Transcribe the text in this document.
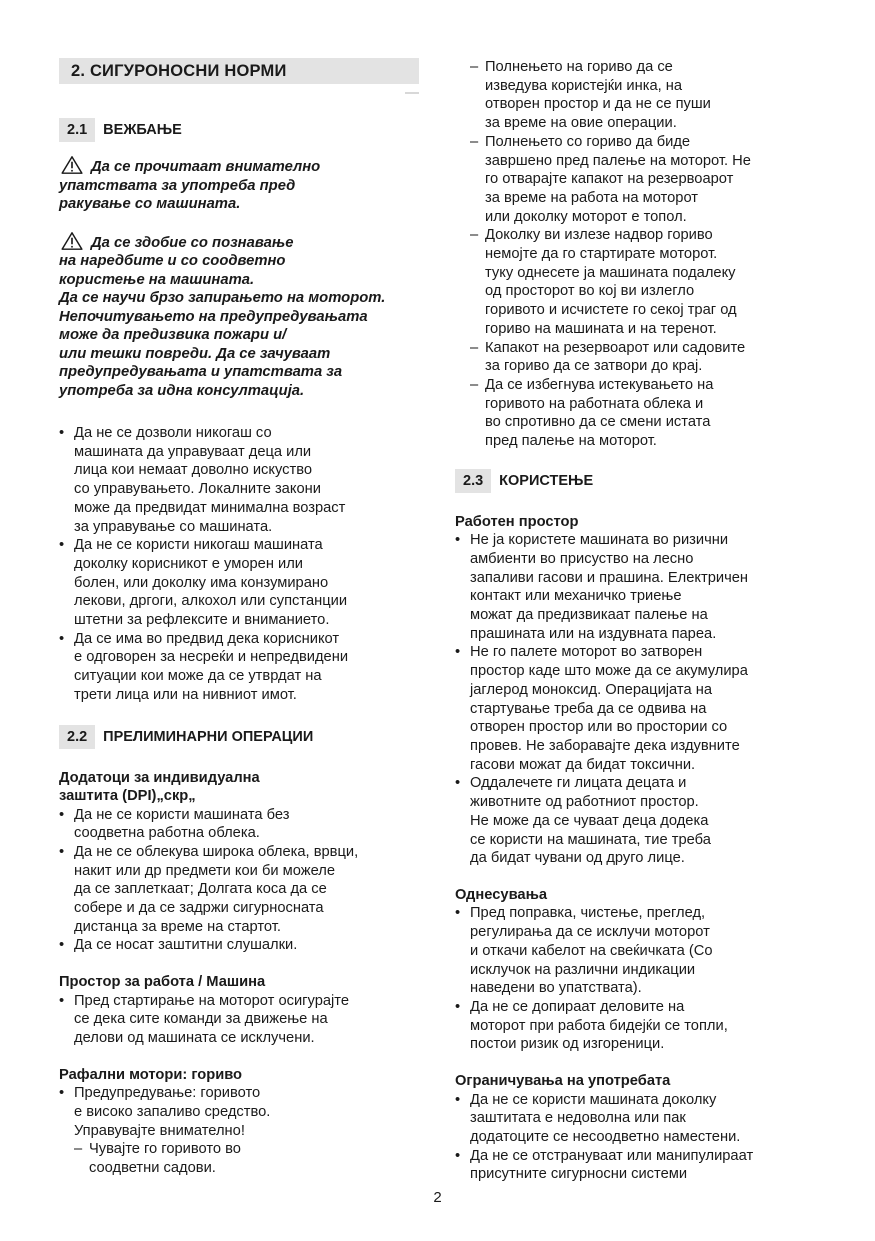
2. СИГУРОНОСНИ НОРМИ
2.1	ВЕЖБАЊЕ
Да се прочитаат внимателно
упатствата за употреба пред
ракување со машината.
Да се здобие со познавање
на наредбите и со соодветно
користење на машината.
Да се научи брзо запирањето на моторот.
Непочитувањето на предупредувањата
може да предизвика пожари и/
или тешки повреди. Да се зачуваат
предупредувањата и упатствата за
употреба за идна консултација.
• Да не се дозволи никогаш со
машината да управуваат деца или
лица кои немаат доволно искуство
со управувањето. Локалните закони
може да предвидат минимална возраст
за управување со машината.
• Да не се користи никогаш машината
доколку корисникот е уморен или
болен, или доколку има конзумирано
лекови, дргоги, алкохол или супстанции
штетни за рефлексите и вниманието.
• Да се има во предвид дека корисникот
е одговорен за несреќи и непредвидени
ситуации кои може да се утврдат на
трети лица или на нивниот имот.
2.2	ПРЕЛИМИНАРНИ ОПЕРАЦИИ
Додатоци за индивидуална
заштита (DPI)„скр„
• Да не се користи машината без
соодветна работна облека.
• Да не се облекува широка облека, врвци,
накит или др предмети кои би можеле
да се заплеткаат; Долгата коса да се
собере и да се задржи сигурносната
дистанца за време на стартот.
• Да се носат заштитни слушалки.
Простор за работа / Машина
• Пред стартирање на моторот осигурајте
се дека сите команди за движење на
делови од машината се исклучени.
Рафални мотори: гориво
• Предупредување: горивото
е високо запаливо средство.
Управувајте внимателно!
– Чувајте го горивото во
соодветни садови.
– Полнењето на гориво да се
изведува користејќи инка, на
отворен простор и да не се пуши
за време на овие операции.
– Полнењето со гориво да биде
завршено пред палење на моторот. Не
го отварајте капакот на резервоарот
за време на работа на моторот
или доколку моторот е топол.
– Доколку ви излезе надвор гориво
немојте да го стартирате моторот.
туку однесете ја машината подалеку
од просторот во кој ви излегло
горивото и исчистете го секој траг од
гориво на машината и на теренот.
– Капакот на резервоарот или садовите
за гориво да се затвори до крај.
– Да се избегнува истекувањето на
горивото на работната облека и
во спротивно да се смени истата
пред палење на моторот.
2.3	КОРИСТЕЊЕ
Работен простор
• Не ја користете машината во ризични
амбиенти во присуство на лесно
запаливи гасови и прашина. Електричен
контакт или механичко триење
можат да предизвикаат палење на
прашината или на издувната пареа.
• Не го палете моторот во затворен
простор каде што може да се акумулира
јаглерод моноксид. Операцијата на
стартување треба да се одвива на
отворен простор или во простории со
провев. Не заборавајте дека издувните
гасови можат да бидат токсични.
• Оддалечете ги лицата децата и
животните од работниот простор.
Не може да се чуваат деца додека
се користи на машината, тие треба
да бидат чувани од друго лице.
Однесувања
• Пред поправка, чистење, преглед,
регулирања да се исклучи моторот
и откачи кабелот на свеќичката (Со
исклучок на различни индикации
наведени во упатствата).
• Да не се допираат деловите на
моторот при работа бидејќи се топли,
постои ризик од изгореници.
Ограничувања на употребата
• Да не се користи машината доколку
заштитата е недоволна или пак
додатоците се несоодветно наместени.
• Да не се отстрануваат или манипулираат
присутните сигурносни системи
2
